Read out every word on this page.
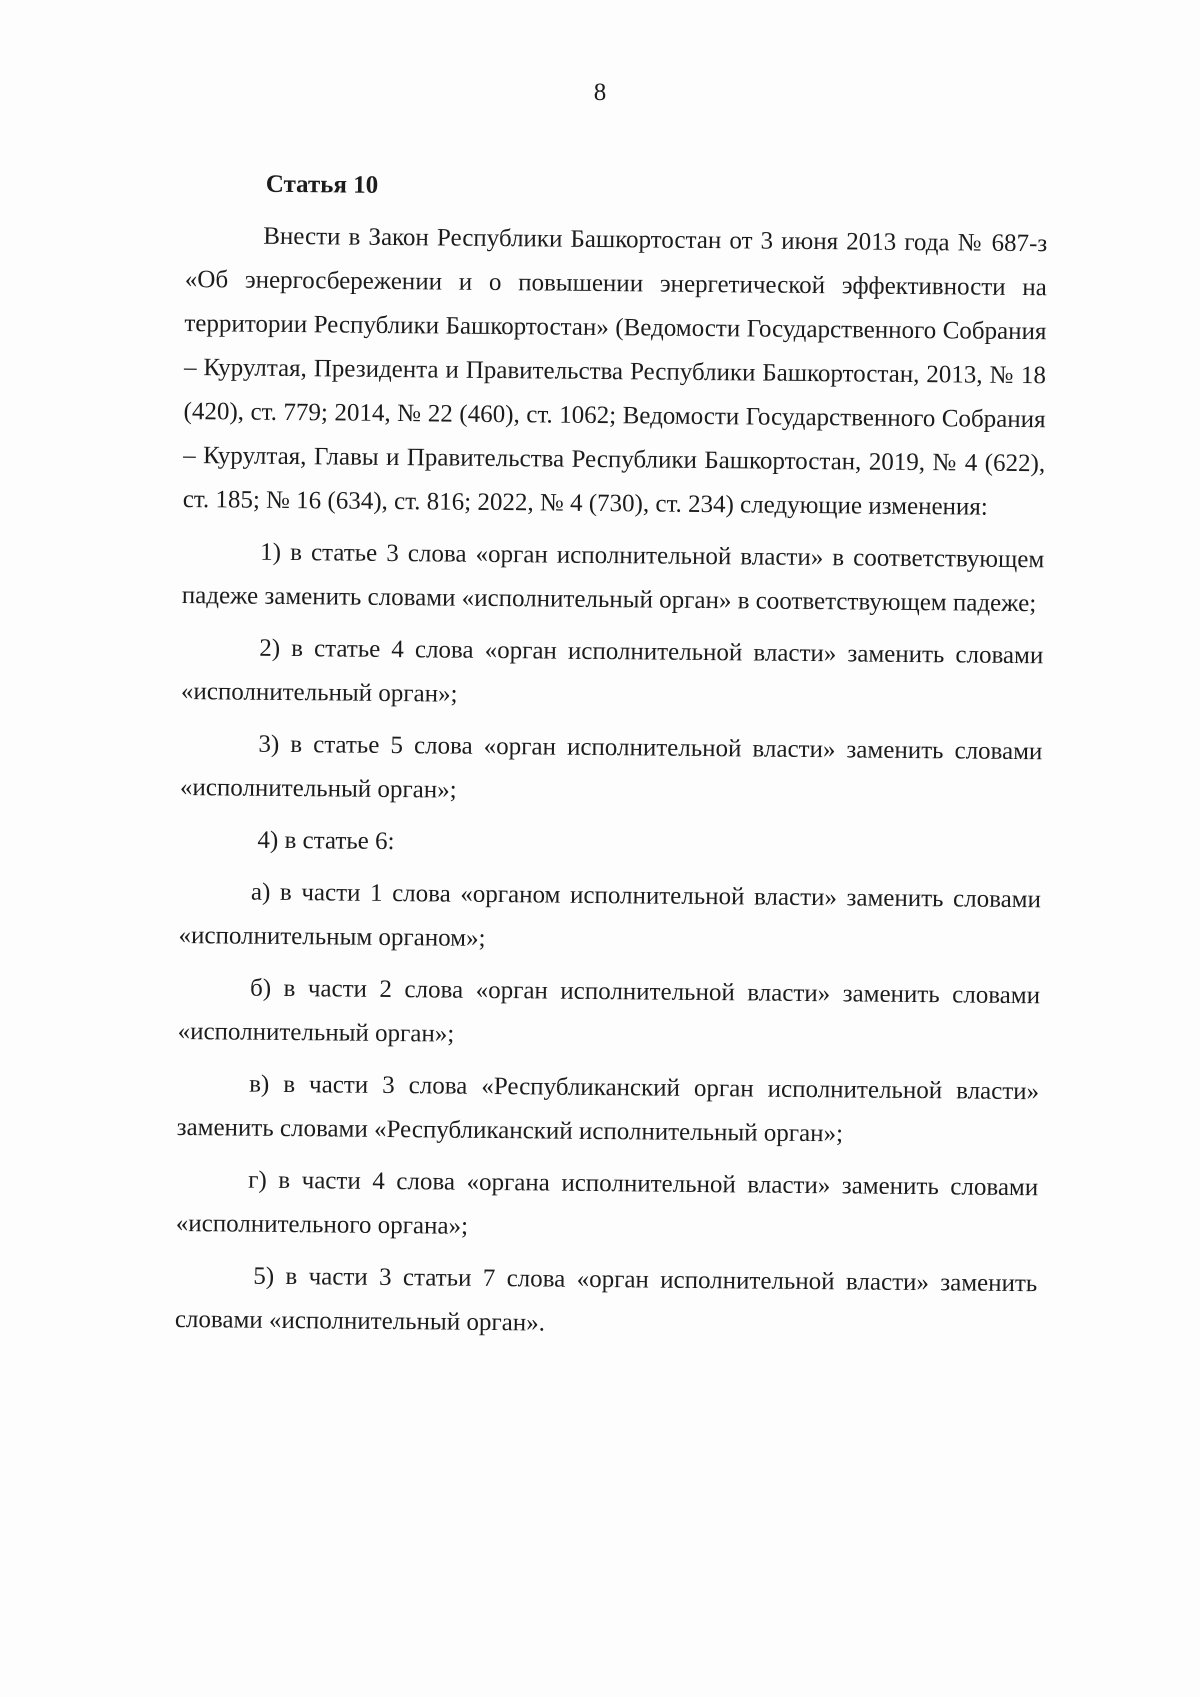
8
Статья 10

Внести в Закон Республики Башкортостан от 3 июня 2013 года № 687-з «Об энергосбережении и о повышении энергетической эффективности на территории Республики Башкортостан» (Ведомости Государственного Собрания – Курултая, Президента и Правительства Республики Башкортостан, 2013, № 18 (420), ст. 779; 2014, № 22 (460), ст. 1062; Ведомости Государственного Собрания – Курултая, Главы и Правительства Республики Башкортостан, 2019, № 4 (622), ст. 185; № 16 (634), ст. 816; 2022, № 4 (730), ст. 234) следующие изменения:

1) в статье 3 слова «орган исполнительной власти» в соответствующем падеже заменить словами «исполнительный орган» в соответствующем падеже;

2) в статье 4 слова «орган исполнительной власти» заменить словами «исполнительный орган»;

3) в статье 5 слова «орган исполнительной власти» заменить словами «исполнительный орган»;

4) в статье 6:

а) в части 1 слова «органом исполнительной власти» заменить словами «исполнительным органом»;

б) в части 2 слова «орган исполнительной власти» заменить словами «исполнительный орган»;

в) в части 3 слова «Республиканский орган исполнительной власти» заменить словами «Республиканский исполнительный орган»;

г) в части 4 слова «органа исполнительной власти» заменить словами «исполнительного органа»;

5) в части 3 статьи 7 слова «орган исполнительной власти» заменить словами «исполнительный орган».
